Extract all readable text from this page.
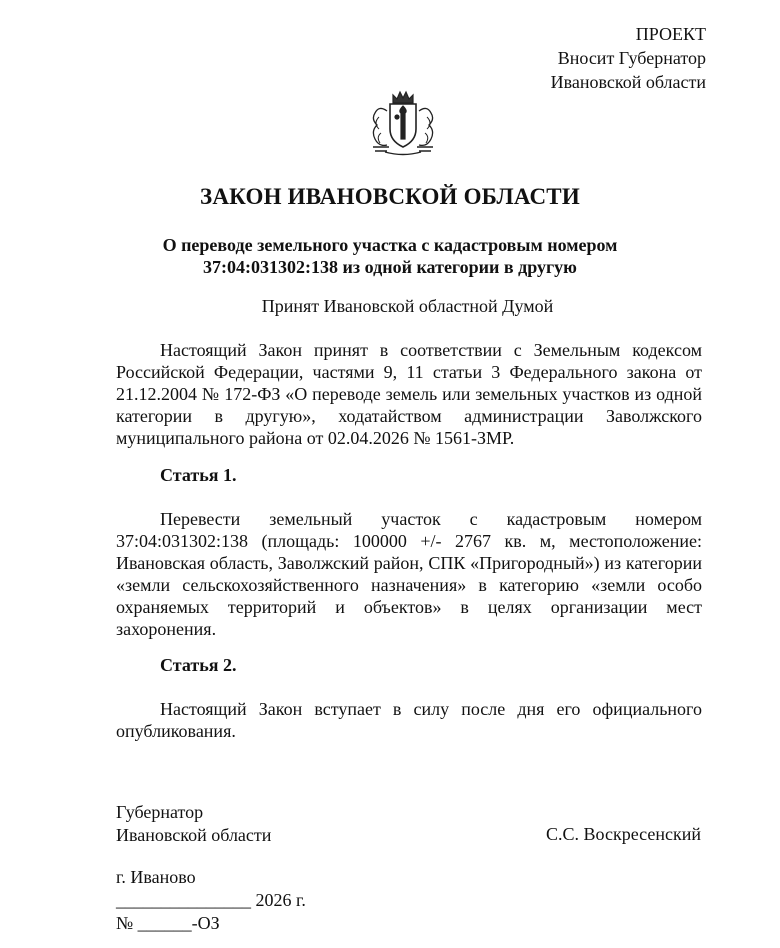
ПРОЕКТ
Вносит Губернатор
Ивановской области
ЗАКОН ИВАНОВСКОЙ ОБЛАСТИ
О переводе земельного участка с кадастровым номером
37:04:031302:138 из одной категории в другую
Принят Ивановской областной Думой

Настоящий Закон принят в соответствии с Земельным кодексом Российской Федерации, частями 9, 11 статьи 3 Федерального закона от 21.12.2004 № 172-ФЗ «О переводе земель или земельных участков из одной категории в другую», ходатайством администрации Заволжского муниципального района от 02.04.2026 № 1561-ЗМР.

Статья 1.

Перевести земельный участок с кадастровым номером 37:04:031302:138 (площадь: 100000 +/- 2767 кв. м, местоположение: Ивановская область, Заволжский район, СПК «Пригородный») из категории «земли сельскохозяйственного назначения» в категорию «земли особо охраняемых территорий и объектов» в целях организации мест захоронения.

Статья 2.

Настоящий Закон вступает в силу после дня его официального опубликования.

Губернатор
Ивановской области	С.С. Воскресенский
г. Иваново
_______________ 2026 г.
№ ______-ОЗ
